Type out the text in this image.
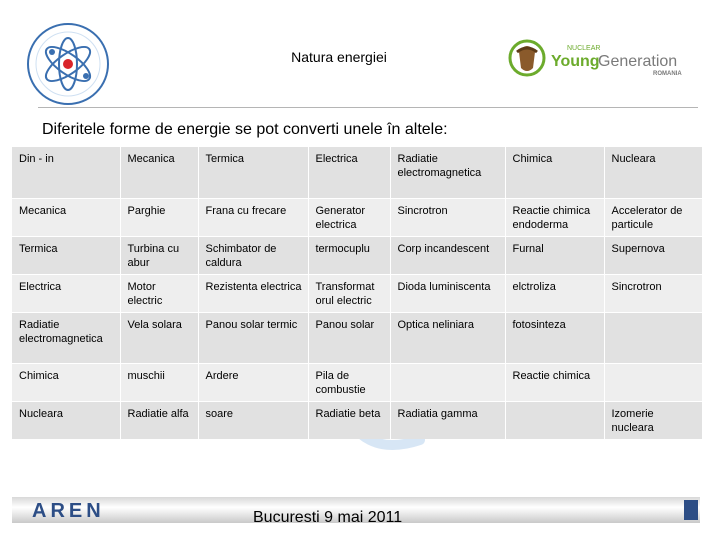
Natura energiei
NUCLEAR
Young
Generation
ROMANIA
Diferitele forme de energie se pot converti unele în altele:
Din - in	Mecanica	Termica	Electrica	Radiatie electromagnetica	Chimica	Nucleara
Mecanica	Parghie	Frana cu frecare	Generator electrica	Sincrotron	Reactie chimica endoderma	Accelerator de particule
Termica	Turbina cu abur	Schimbator de caldura	termocuplu	Corp incandescent	Furnal	Supernova
Electrica	Motor electric	Rezistenta electrica	Transformat orul electric	Dioda luminiscenta	elctroliza	Sincrotron
Radiatie electromagnetica	Vela solara	Panou solar termic	Panou solar	Optica neliniara	fotosinteza	
Chimica	muschii	Ardere	Pila de combustie		Reactie chimica	
Nucleara	Radiatie alfa	soare	Radiatie beta	Radiatia gamma		Izomerie nucleara
AREN	Bucuresti 9 mai 2011
